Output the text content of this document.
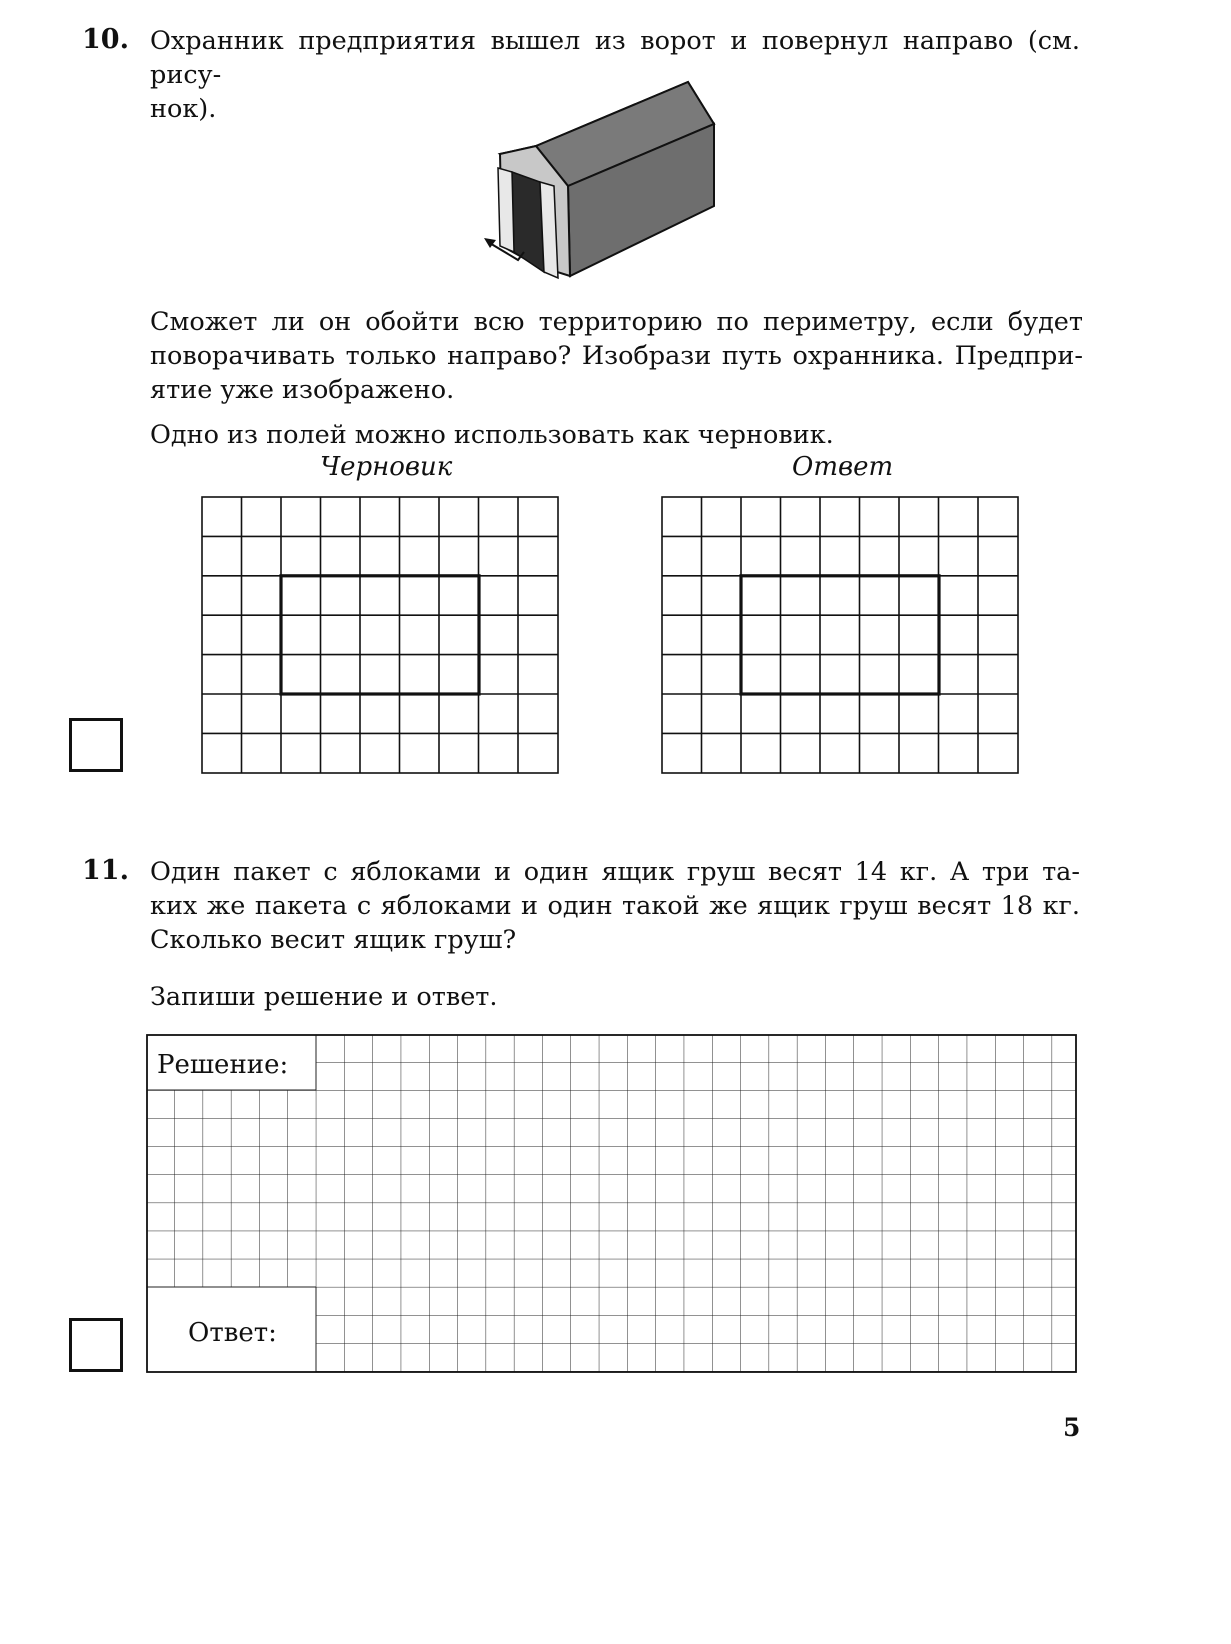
10. Охранник предприятия вышел из ворот и повернул направо (см. рису-
нок).
Сможет ли он обойти всю территорию по периметру, если будет
поворачивать только направо? Изобрази путь охранника. Предпри-
ятие уже изображено.
Одно из полей можно использовать как черновик.
Черновик	Ответ
11. Один пакет с яблоками и один ящик груш весят 14 кг. А три та-
ких же пакета с яблоками и один такой же ящик груш весят 18 кг.
Сколько весит ящик груш?
Запиши решение и ответ.
Решение:
Ответ:
5
